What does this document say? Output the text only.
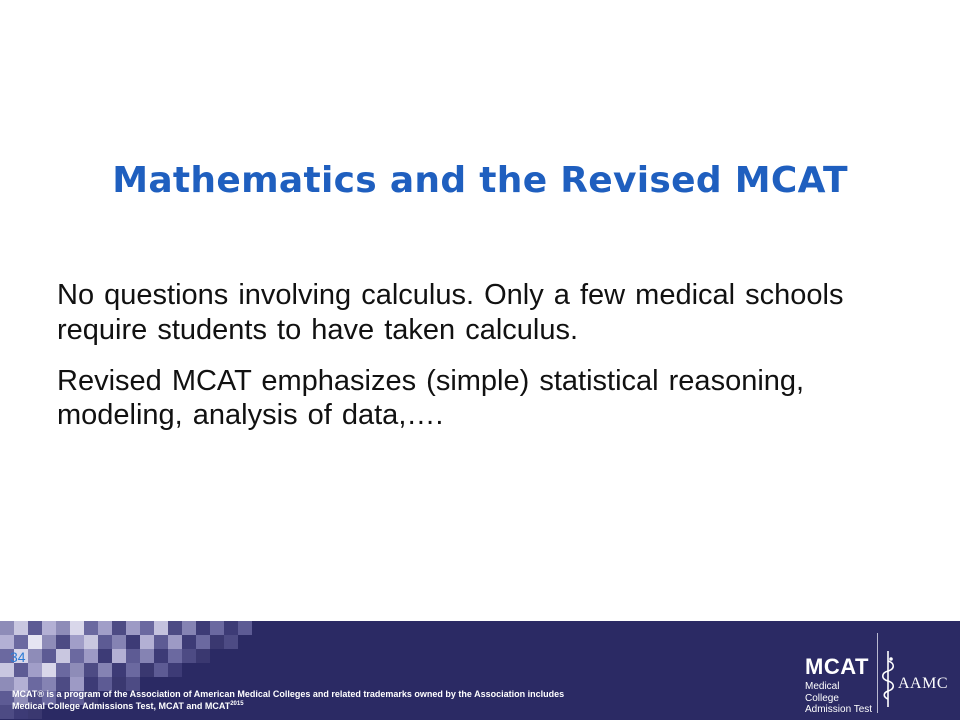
Mathematics and the Revised MCAT

No questions involving calculus. Only a few medical schools require students to have taken calculus.

Revised MCAT emphasizes (simple) statistical reasoning, modeling, analysis of data,….

34
MCAT® is a program of the Association of American Medical Colleges and related trademarks owned by the Association includes
Medical College Admissions Test, MCAT and $MCAT^{2015}$
MCAT
Medical College
Admission Test
AAMC
